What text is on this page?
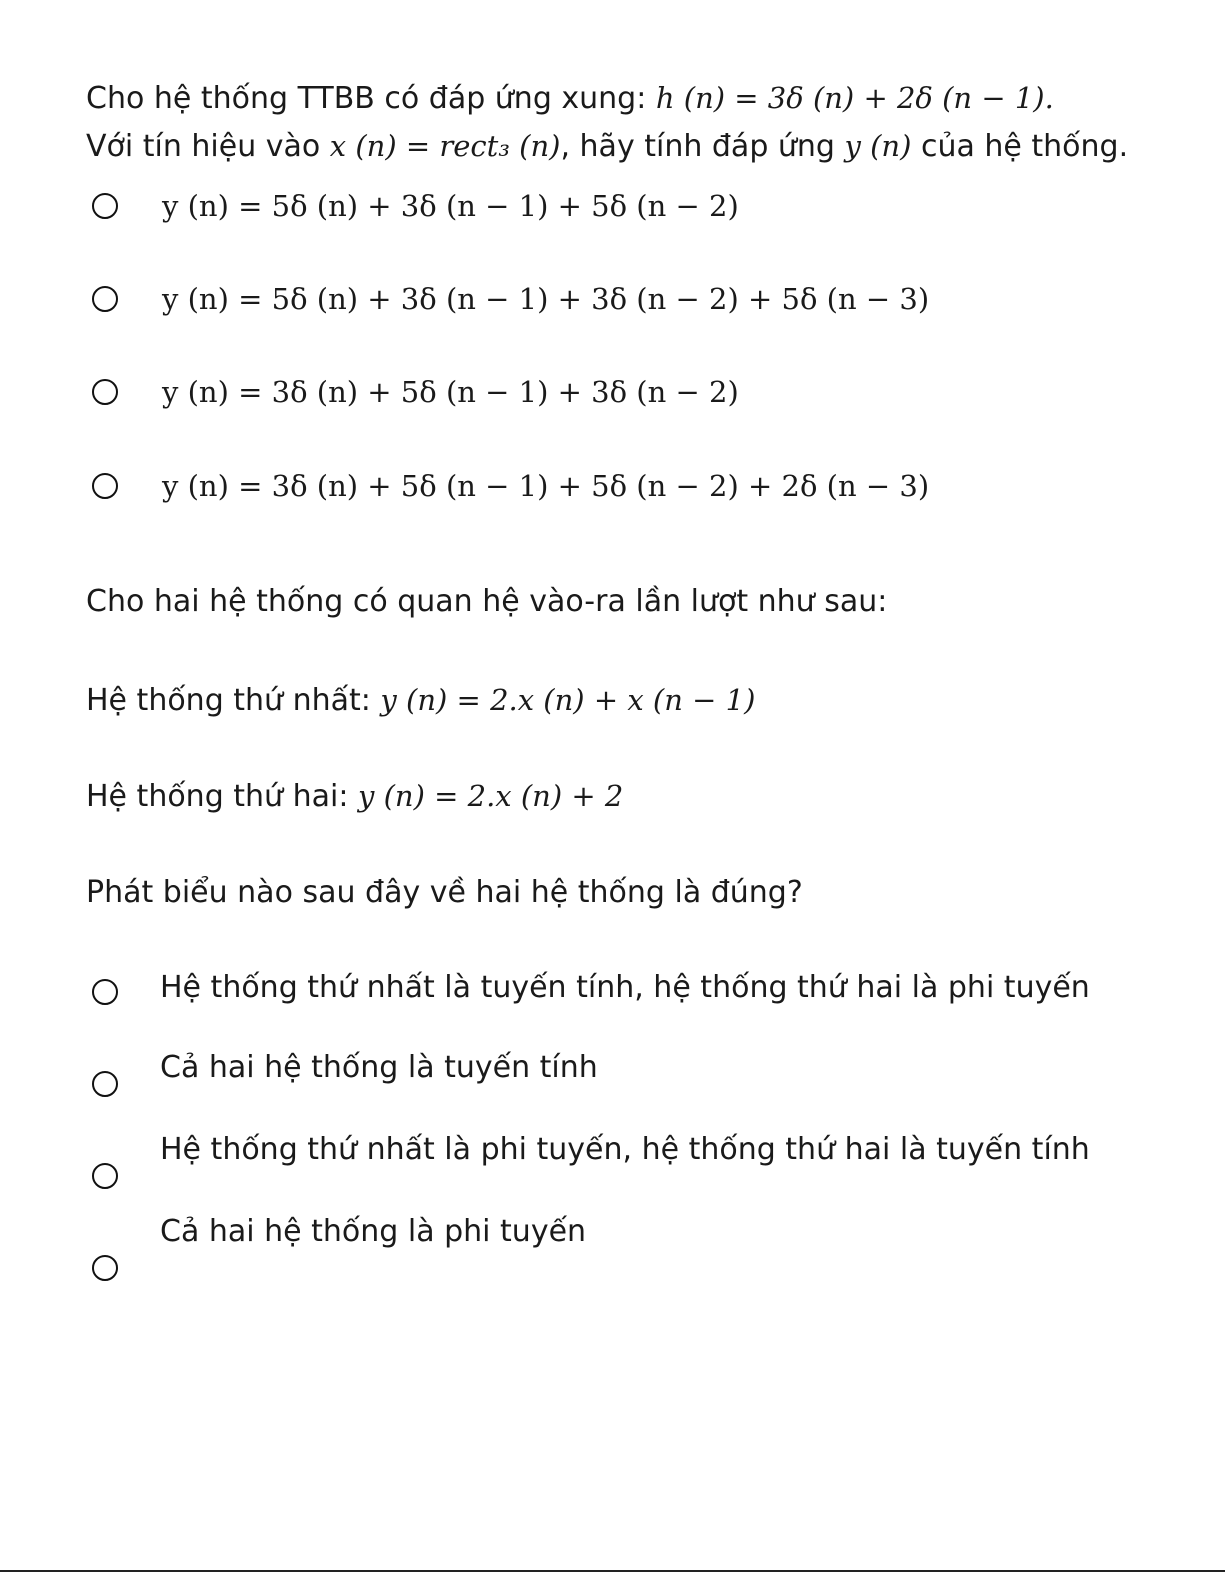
Cho hệ thống TTBB có đáp ứng xung: h (n) = 3δ (n) + 2δ (n − 1).
Với tín hiệu vào x (n) = rect₃ (n), hãy tính đáp ứng y (n) của hệ thống.
y (n) = 5δ (n) + 3δ (n − 1) + 5δ (n − 2)
y (n) = 5δ (n) + 3δ (n − 1) + 3δ (n − 2) + 5δ (n − 3)
y (n) = 3δ (n) + 5δ (n − 1) + 3δ (n − 2)
y (n) = 3δ (n) + 5δ (n − 1) + 5δ (n − 2) + 2δ (n − 3)
Cho hai hệ thống có quan hệ vào-ra lần lượt như sau:
Hệ thống thứ nhất: y (n) = 2.x (n) + x (n − 1)
Hệ thống thứ hai: y (n) = 2.x (n) + 2
Phát biểu nào sau đây về hai hệ thống là đúng?
Hệ thống thứ nhất là tuyến tính, hệ thống thứ hai là phi tuyến
Cả hai hệ thống là tuyến tính
Hệ thống thứ nhất là phi tuyến, hệ thống thứ hai là tuyến tính
Cả hai hệ thống là phi tuyến
